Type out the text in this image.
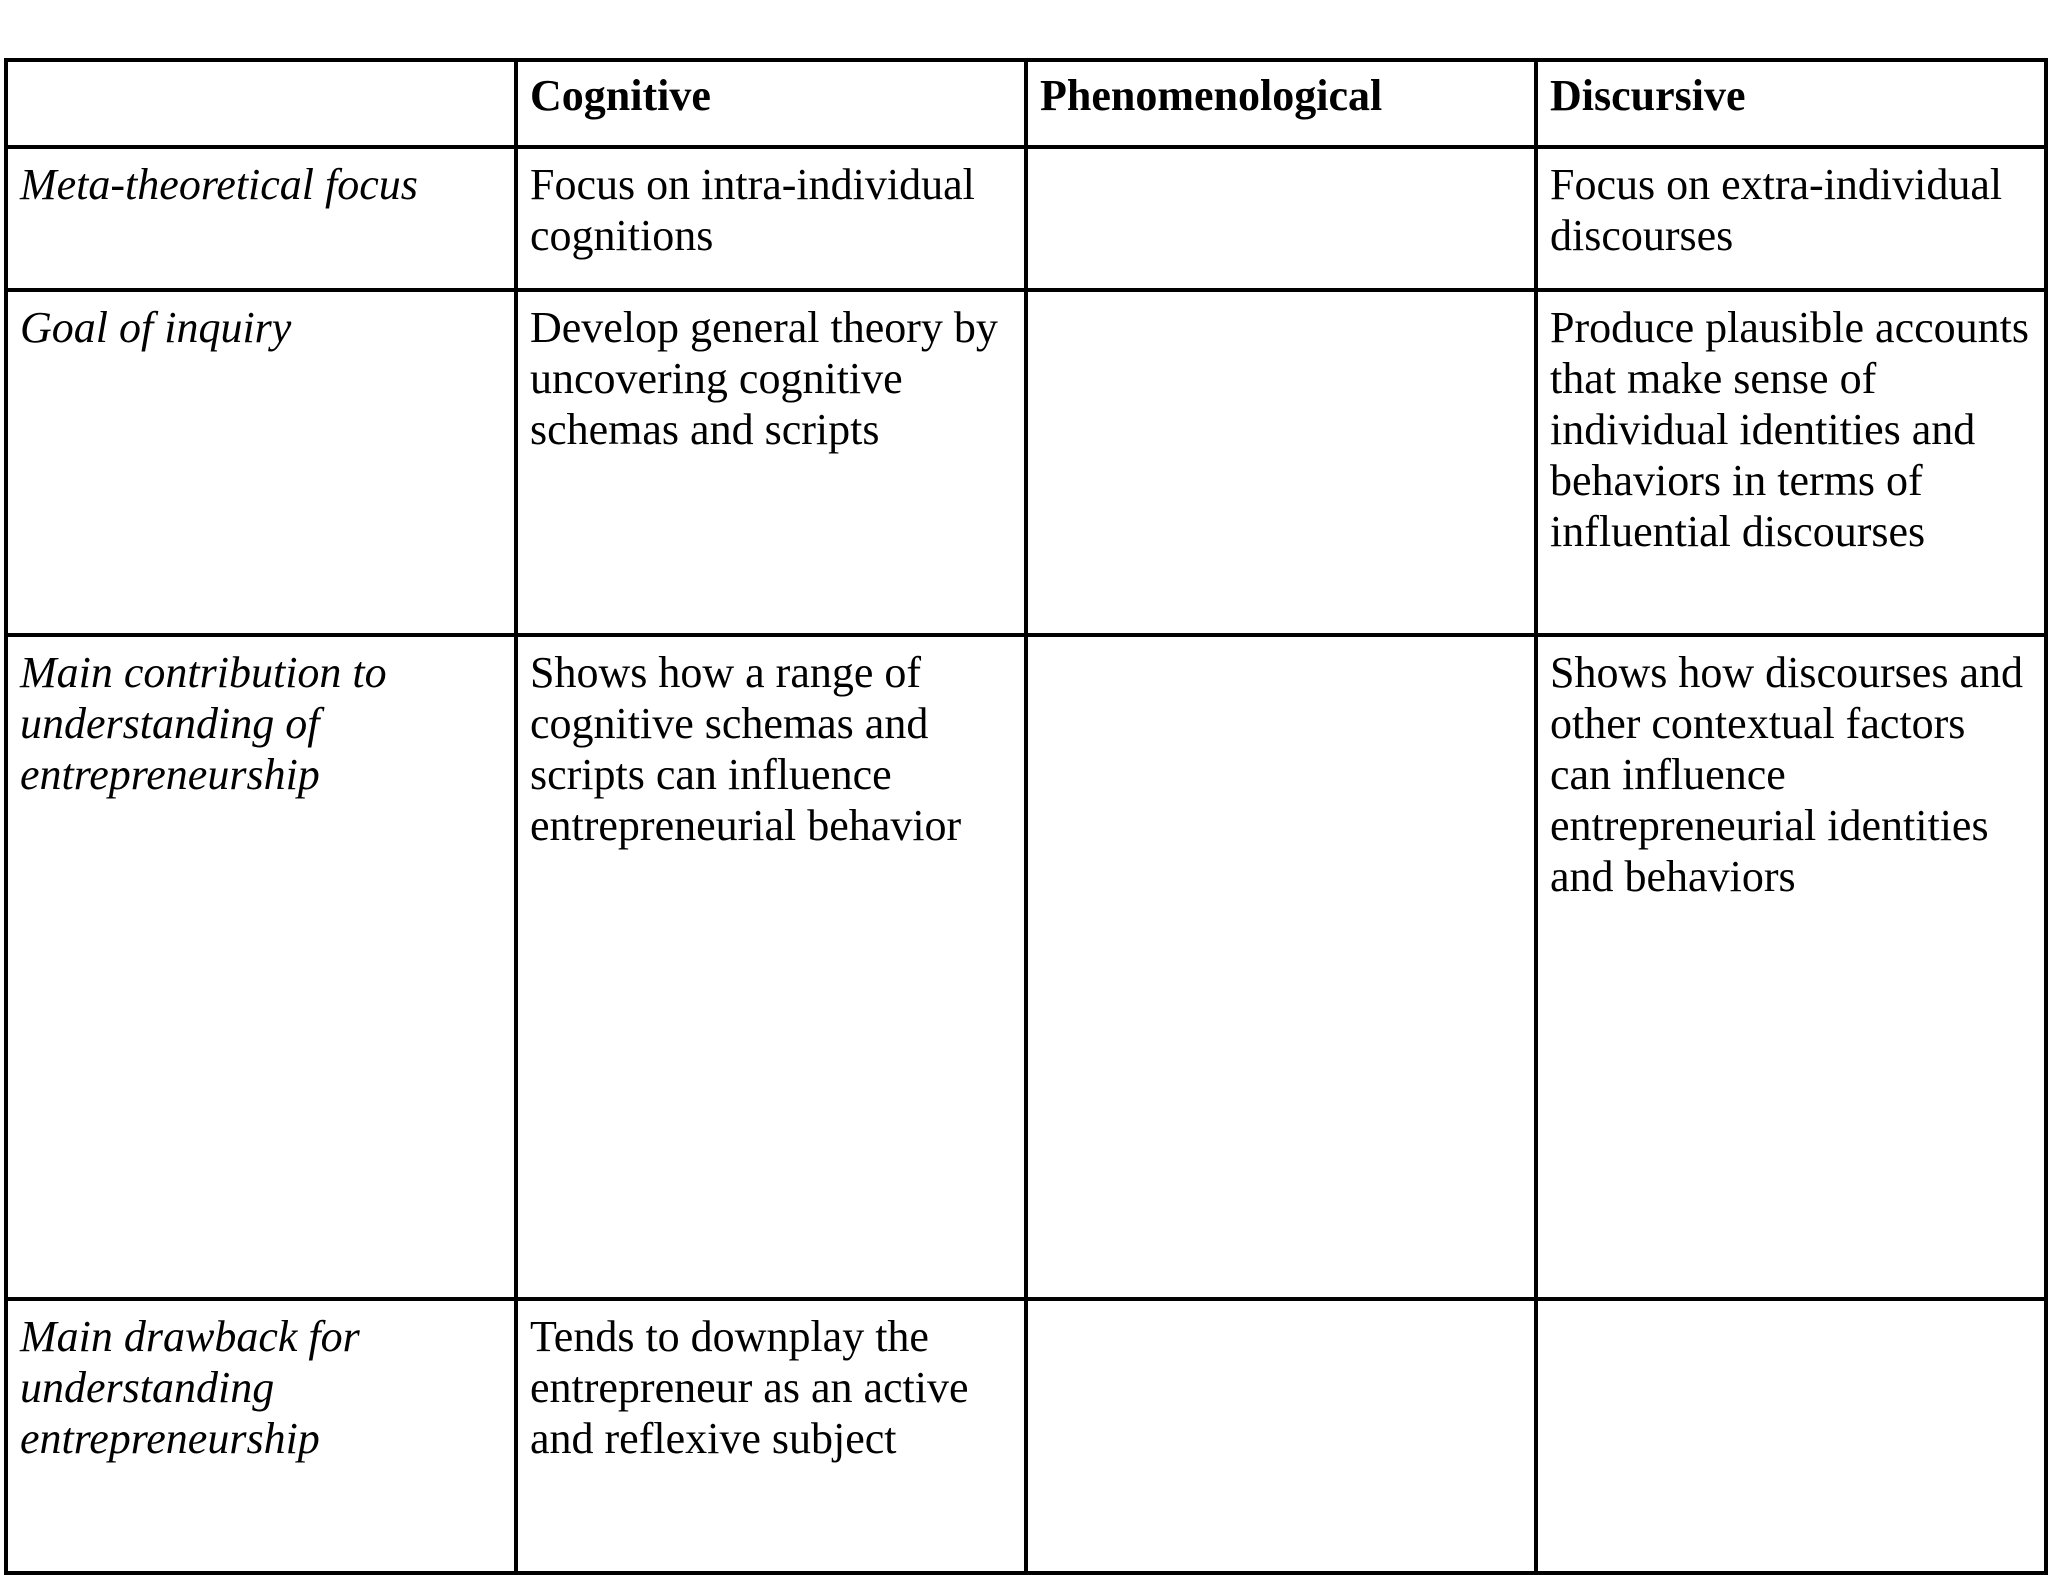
	Cognitive	Phenomenological	Discursive
Meta-theoretical focus	Focus on intra-individual cognitions		Focus on extra-individual discourses
Goal of inquiry	Develop general theory by uncovering cognitive schemas and scripts		Produce plausible accounts that make sense of individual identities and behaviors in terms of influential discourses
Main contribution to understanding of entrepreneurship	Shows how a range of cognitive schemas and scripts can influence entrepreneurial behavior		Shows how discourses and other contextual factors can influence entrepreneurial identities and behaviors
Main drawback for understanding entrepreneurship	Tends to downplay the entrepreneur as an active and reflexive subject		
